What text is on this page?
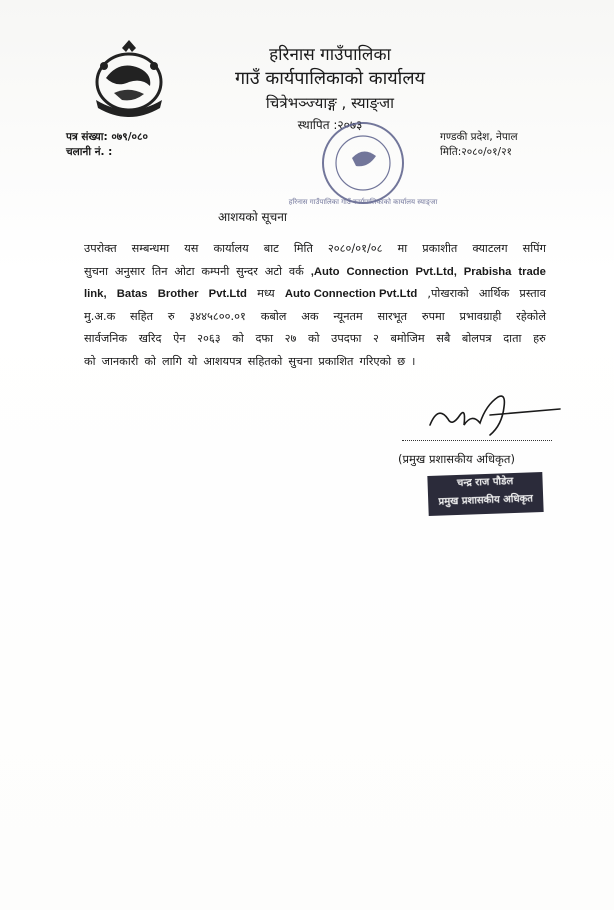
हरिनास गाउँपालिका
गाउँ कार्यपालिकाको कार्यालय
चित्रेभञ्ज्याङ्ग , स्याङ्जा
स्थापित :२०७३
पत्र संख्या: ०७९/०८०
चलानी नं. :
गण्डकी प्रदेश, नेपाल
मिति:२०८०/०१/२१
हरिनास गाउँपालिका गाउँ कार्यपालिकाको कार्यालय स्याङ्जा
आशयको सूचना
उपरोक्त सम्बन्धमा यस कार्यालय बाट मिति २०८०/०१/०८ मा प्रकाशीत क्याटलग सपिंग
सुचना अनुसार तिन ओटा कम्पनी सुन्दर अटो वर्क ,Auto Connection Pvt.Ltd, Prabisha trade
link, Batas Brother Pvt.Ltd मध्य Auto Connection Pvt.Ltd ,पोखराको आर्थिक प्रस्ताव
मु.अ.क सहित रु ३४४५८००.०१ कबोल अक न्यूनतम सारभूत रुपमा प्रभावग्राही रहेकोले
सार्वजनिक खरिद ऐन २०६३ को दफा २७ को उपदफा २ बमोजिम सबै बोलपत्र दाता हरु
को जानकारी को लागि यो आशयपत्र सहितको सुचना प्रकाशित गरिएको छ ।
(प्रमुख प्रशासकीय अधिकृत)
चन्द्र राज पौडेल
प्रमुख प्रशासकीय अधिकृत
